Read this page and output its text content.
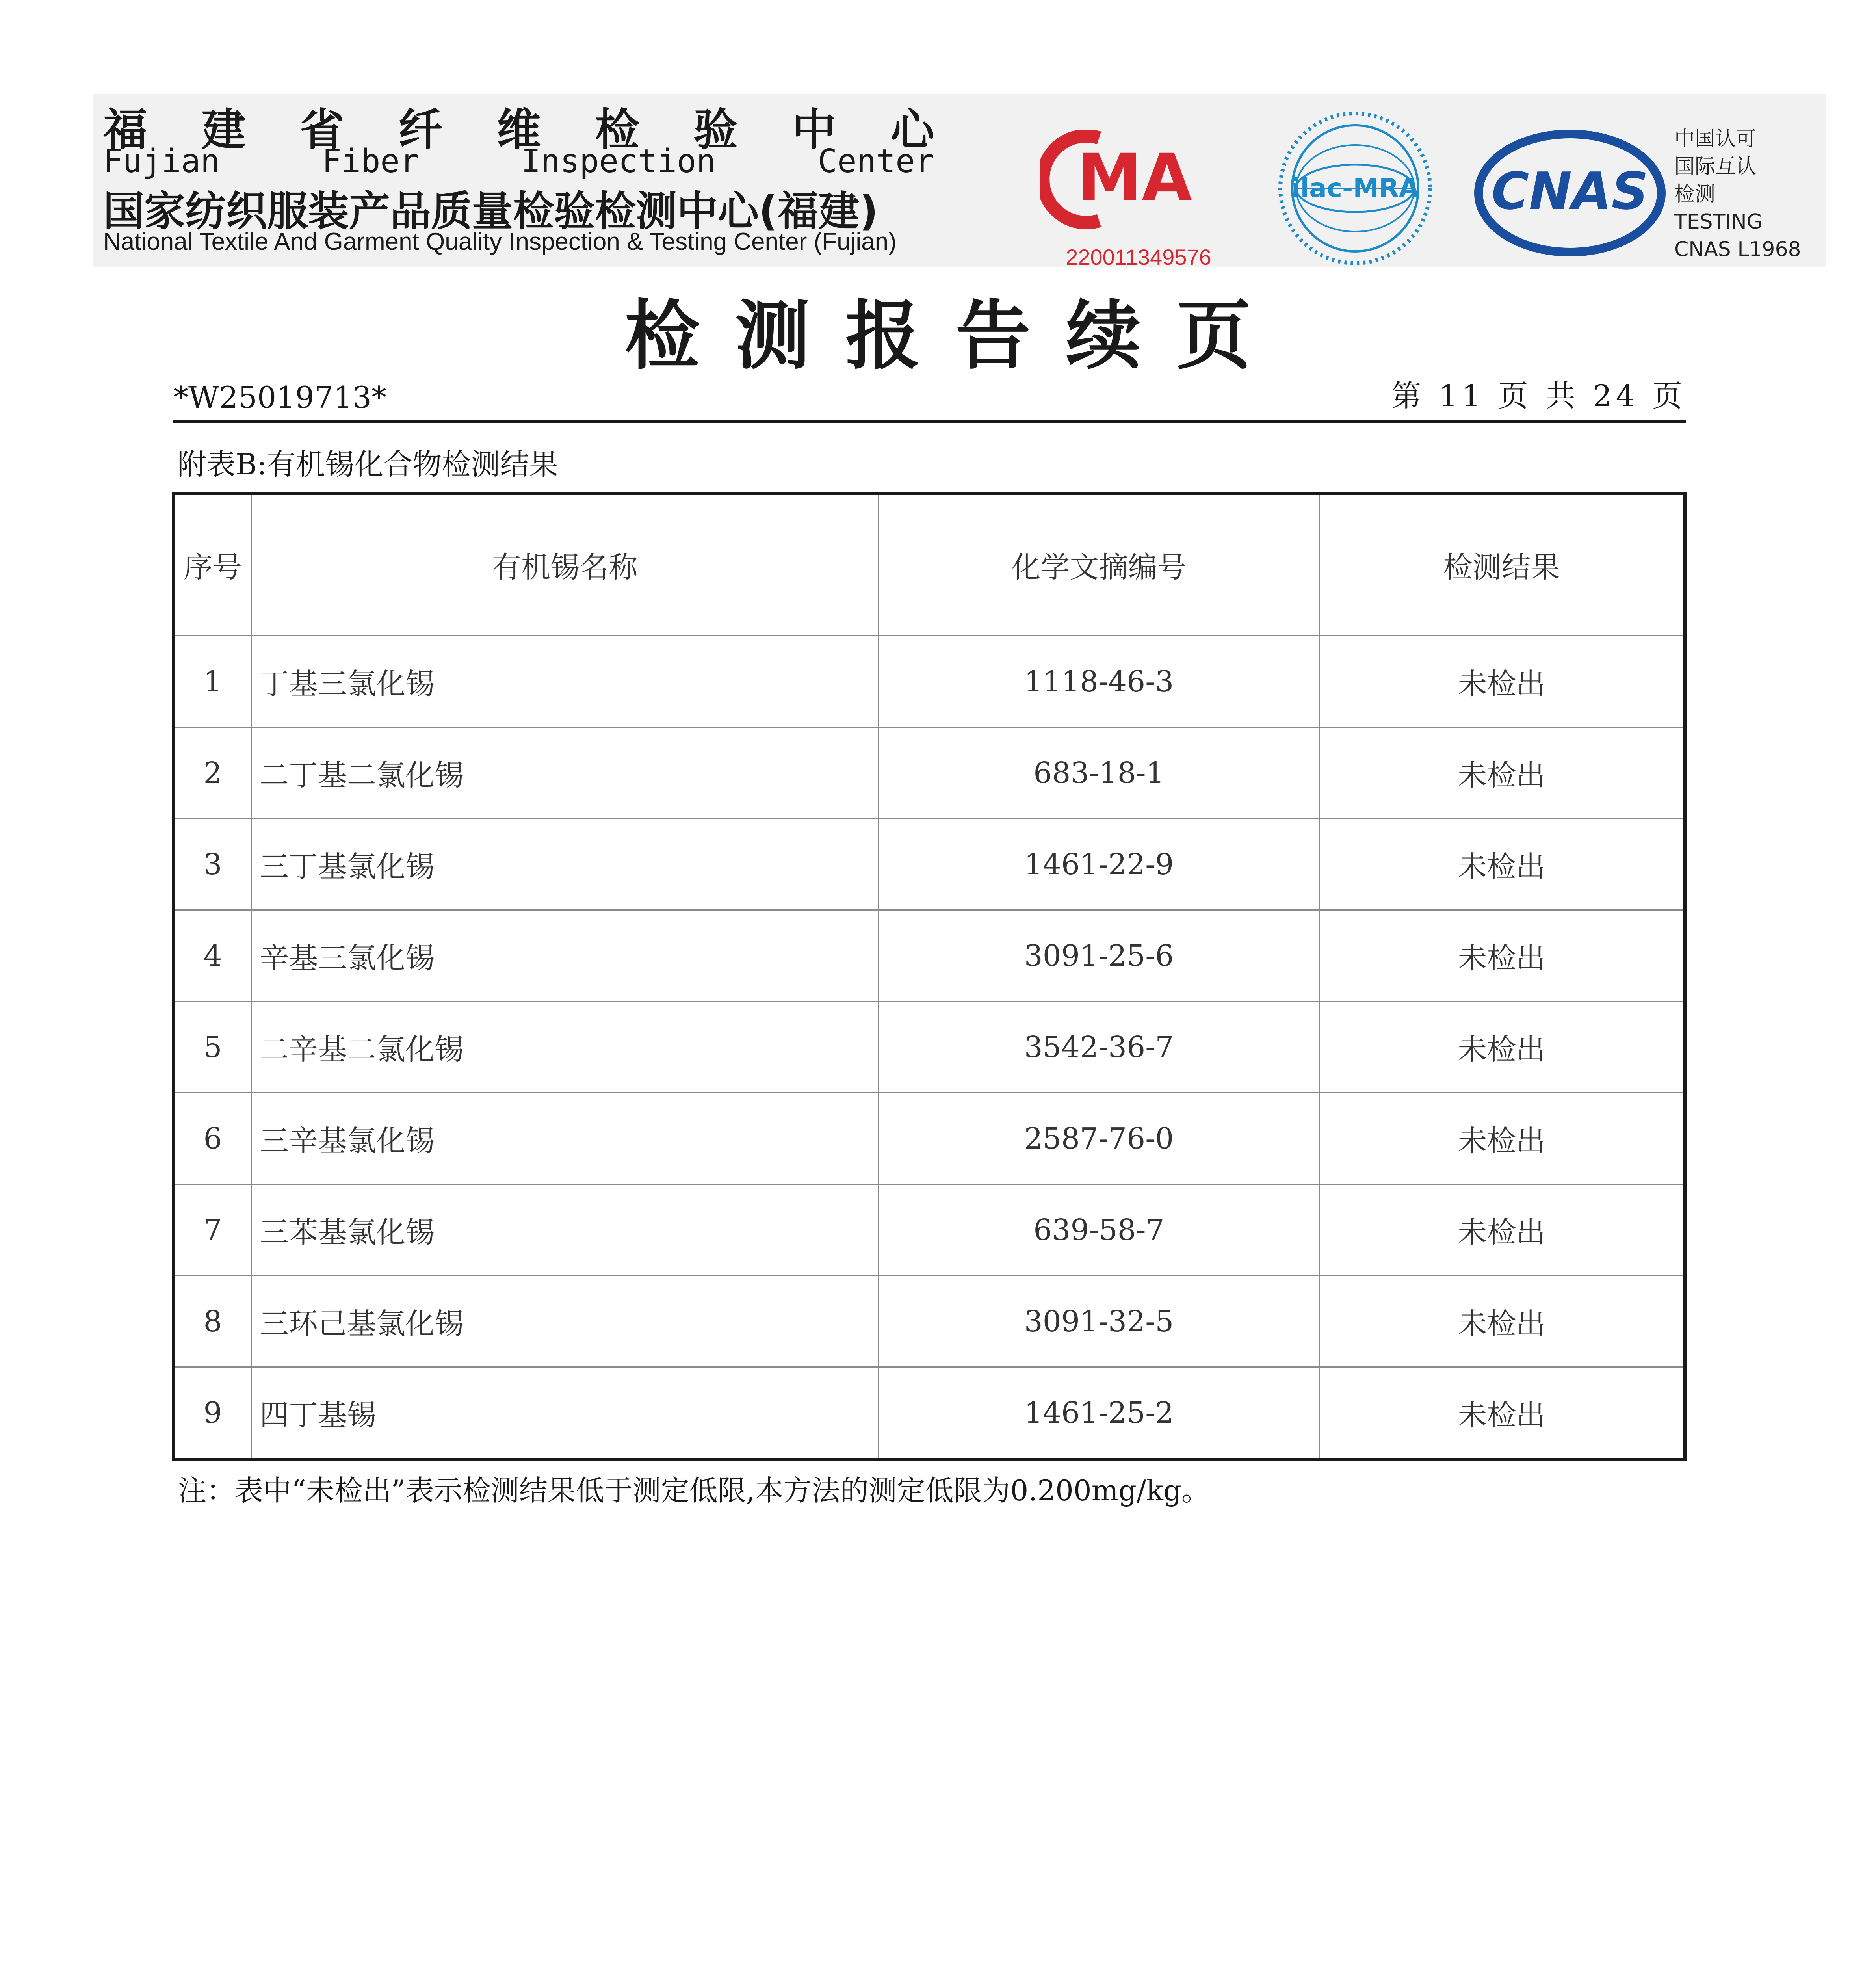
福 建 省 纤 维 检 验 中 心
Fujian	Fiber	Inspection	Center
国家纺织服装产品质量检验检测中心(福建)
National Textile And Garment Quality Inspection & Testing Center (Fujian)
MA
220011349576
ilac-MRA CNAS
中国认可
国际互认
检测
TESTING
CNAS L1968
检测报告续页
*W25019713*	第 11 页 共 24 页
附表B:有机锡化合物检测结果
序号	有机锡名称	化学文摘编号	检测结果
1	丁基三氯化锡	1118-46-3	未检出
2	二丁基二氯化锡	683-18-1	未检出
3	三丁基氯化锡	1461-22-9	未检出
4	辛基三氯化锡	3091-25-6	未检出
5	二辛基二氯化锡	3542-36-7	未检出
6	三辛基氯化锡	2587-76-0	未检出
7	三苯基氯化锡	639-58-7	未检出
8	三环己基氯化锡	3091-32-5	未检出
9	四丁基锡	1461-25-2	未检出
注：表中“未检出”表示检测结果低于测定低限,本方法的测定低限为0.200mg/kg。
